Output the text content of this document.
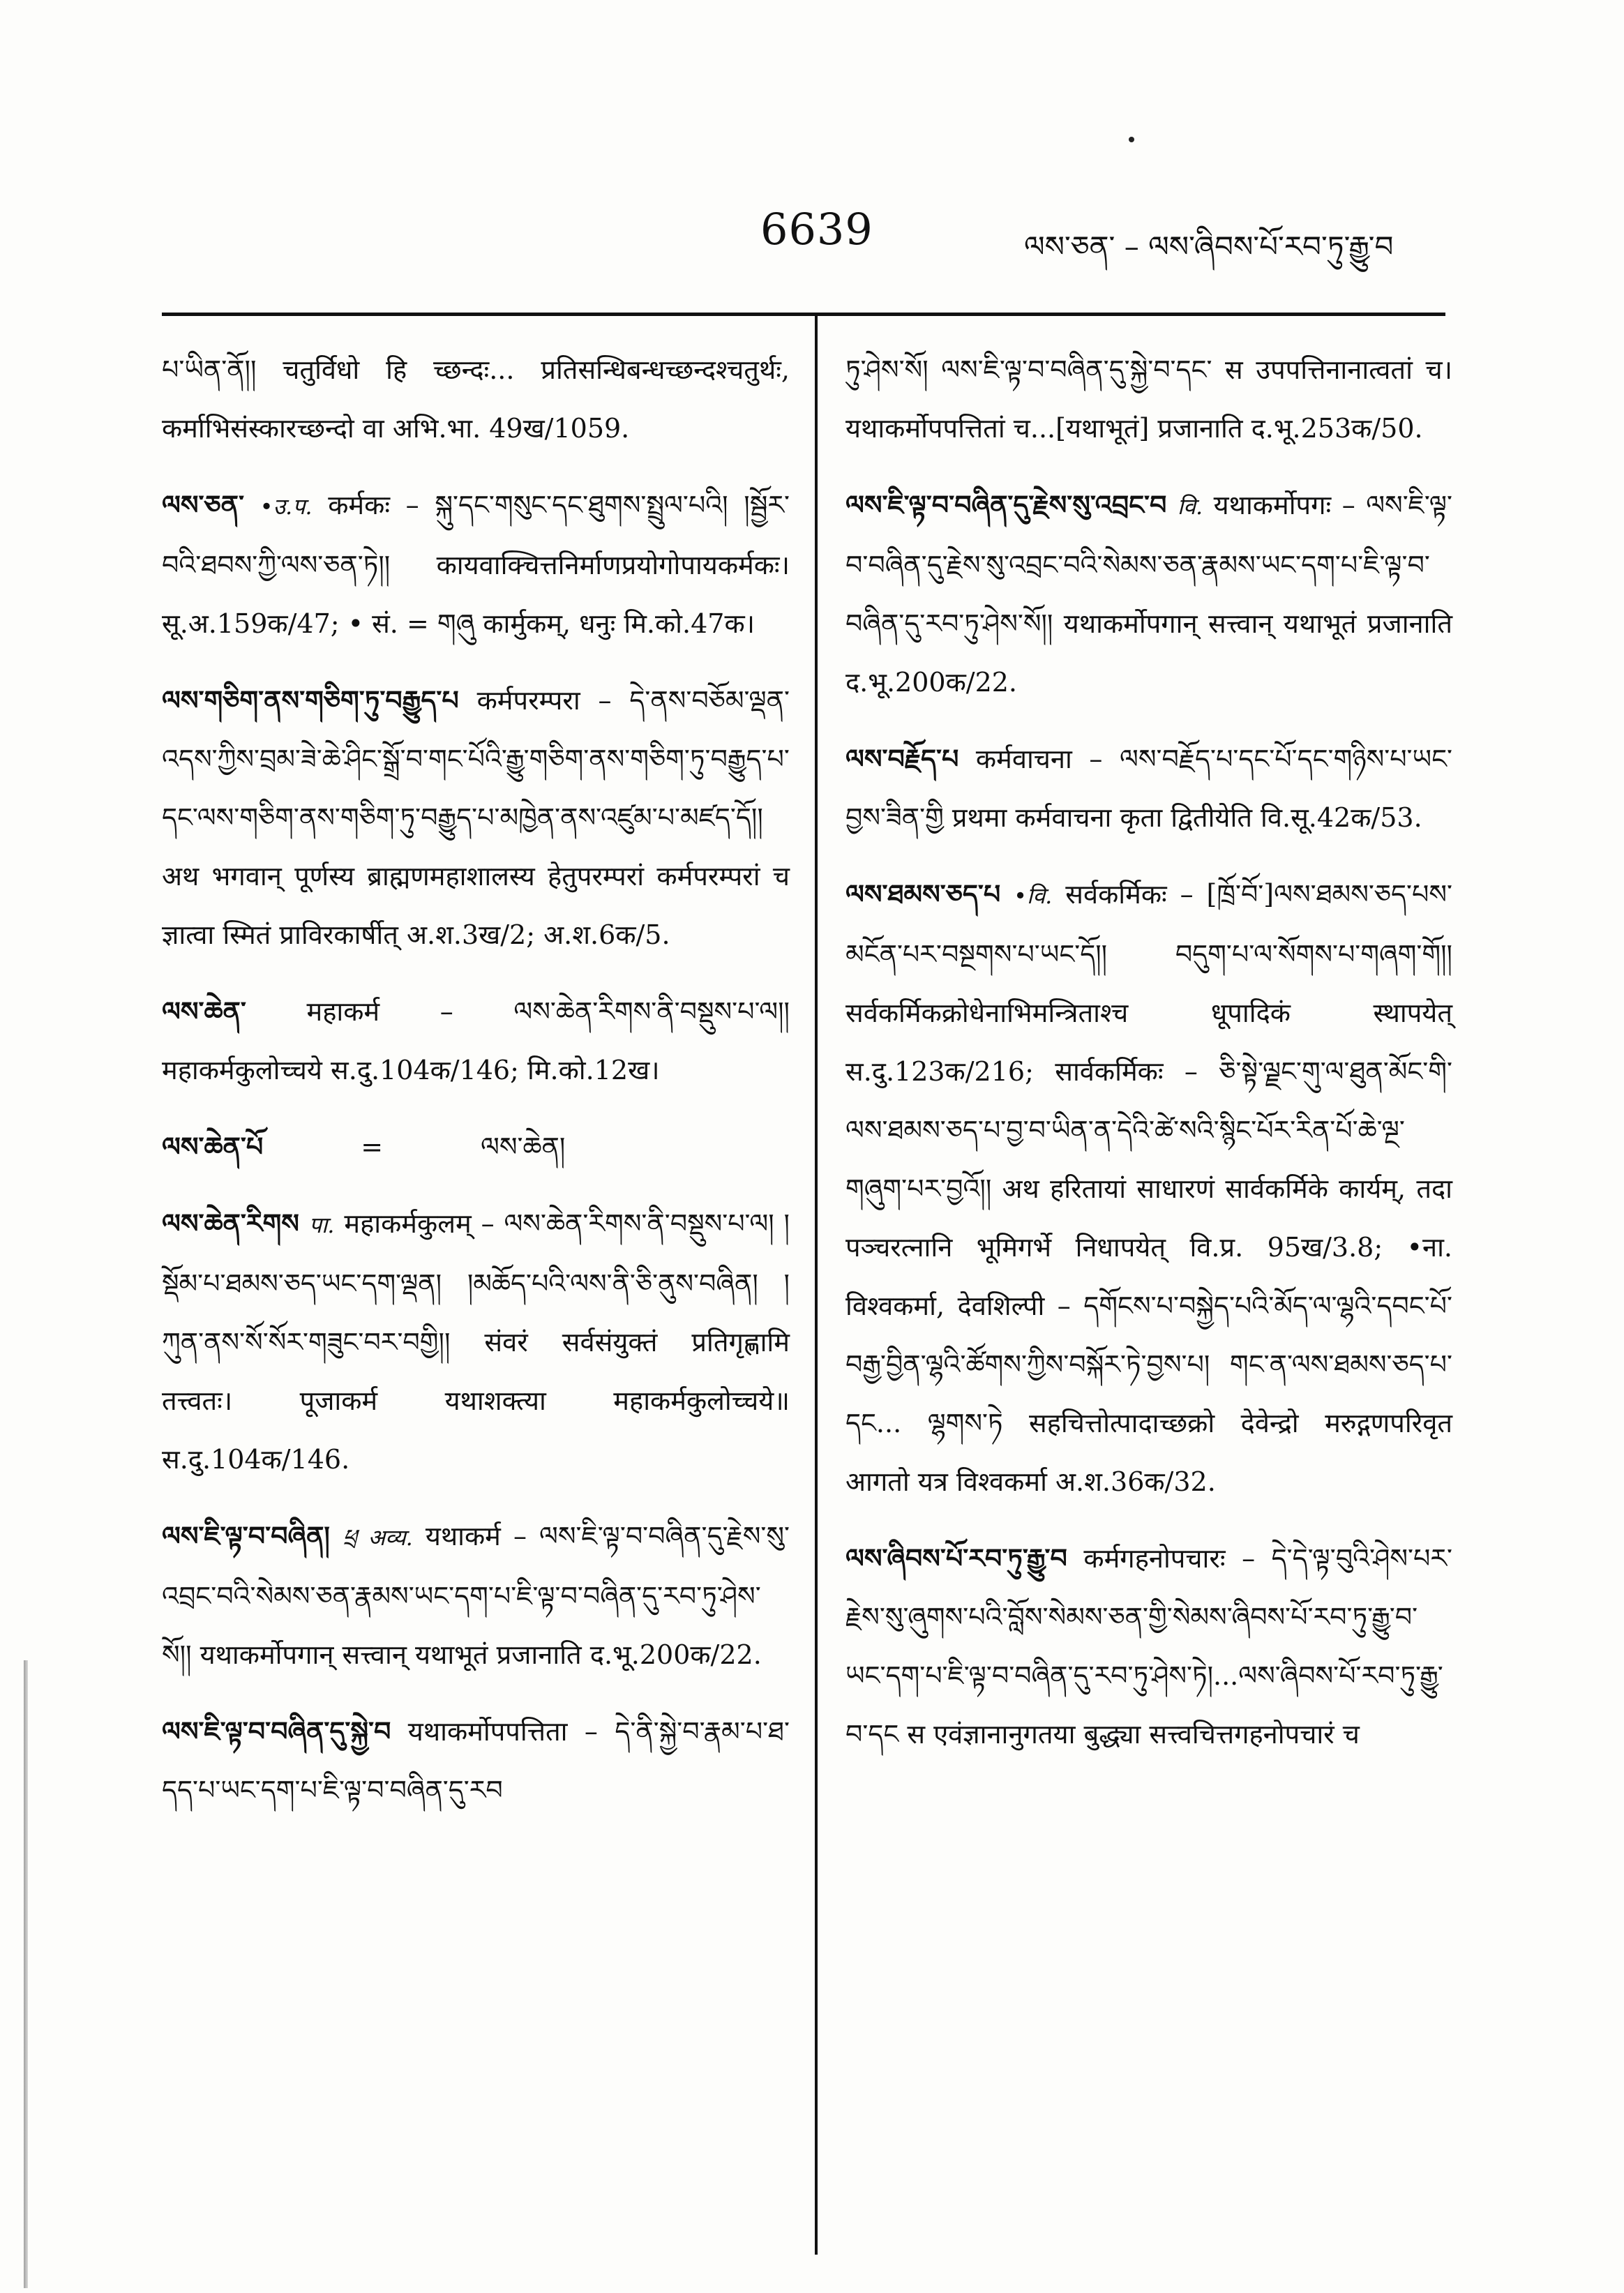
6639	ལས་ཅན་ – ལས་ཞིབས་པོ་རབ་ཏུ་རྒྱུ་བ

པ་ཡིན་ནོ།། चतुर्विधो हि च्छन्दः... प्रतिसन्धिबन्धच्छन्दश्चतुर्थः, कर्माभिसंस्कारच्छन्दो वा अभि.भा. 49ख/1059.

ལས་ཅན་ •उ.प. कर्मकः – སྐུ་དང་གསུང་དང་ཐུགས་སྤྲུལ་པའི། །སྦྱོར་བའི་ཐབས་ཀྱི་ལས་ཅན་ཏེ།། कायवाक्चित्तनिर्माणप्रयोगोपायकर्मकः। सू.अ.159क/47; • सं. = གཞུ कार्मुकम्, धनुः मि.को.47क।

ལས་གཅིག་ནས་གཅིག་ཏུ་བརྒྱུད་པ कर्मपरम्परा – དེ་ནས་བཅོམ་ལྡན་འདས་ཀྱིས་བྲམ་ཟེ་ཆེ་ཤིང་སྒྲོ་བ་གང་པོའི་རྒྱུ་གཅིག་ནས་གཅིག་ཏུ་བརྒྱུད་པ་དང་ལས་གཅིག་ནས་གཅིག་ཏུ་བརྒྱུད་པ་མཁྱེན་ནས་འཛུམ་པ་མཛད་དོ།། अथ भगवान् पूर्णस्य ब्राह्मणमहाशालस्य हेतुपरम्परां कर्मपरम्परां च ज्ञात्वा स्मितं प्राविरकार्षीत् अ.श.3ख/2; अ.श.6क/5.

ལས་ཆེན་ महाकर्म – ལས་ཆེན་རིགས་ནི་བསྡུས་པ་ལ།། महाकर्मकुलोच्चये स.दु.104क/146; मि.को.12ख।

ལས་ཆེན་པོ	=	ལས་ཆེན།

ལས་ཆེན་རིགས पा. महाकर्मकुलम् – ལས་ཆེན་རིགས་ནི་བསྡུས་པ་ལ། །སྡོམ་པ་ཐམས་ཅད་ཡང་དག་ལྡན། །མཆོད་པའི་ལས་ནི་ཅི་ནུས་བཞིན། །ཀུན་ནས་སོ་སོར་གཟུང་བར་བགྱི།། संवरं सर्वसंयुक्तं प्रतिगृह्णामि तत्त्वतः। पूजाकर्म यथाशक्त्या महाकर्मकुलोच्चये॥ स.दु.104क/146.

ལས་ཇི་ལྟ་བ་བཞིན། ཕྲ अव्य. यथाकर्म – ལས་ཇི་ལྟ་བ་བཞིན་དུ་རྗེས་སུ་འབྲང་བའི་སེམས་ཅན་རྣམས་ཡང་དག་པ་ཇི་ལྟ་བ་བཞིན་དུ་རབ་ཏུ་ཤེས་སོ།། यथाकर्मोपगान् सत्त्वान् यथाभूतं प्रजानाति द.भू.200क/22.

ལས་ཇི་ལྟ་བ་བཞིན་དུ་སྐྱེ་བ यथाकर्मोपपत्तिता – དེ་ནི་སྐྱེ་བ་རྣམ་པ་ཐ་དད་པ་ཡང་དག་པ་ཇི་ལྟ་བ་བཞིན་དུ་རབ

ཏུ་ཤེས་སོ། ལས་ཇི་ལྟ་བ་བཞིན་དུ་སྐྱེ་བ་དང་ स उपपत्तिनानात्वतां च। यथाकर्मोपपत्तितां च...[यथाभूतं] प्रजानाति द.भू.253क/50.

ལས་ཇི་ལྟ་བ་བཞིན་དུ་རྗེས་སུ་འབྲང་བ वि. यथाकर्मोपगः – ལས་ཇི་ལྟ་བ་བཞིན་དུ་རྗེས་སུ་འབྲང་བའི་སེམས་ཅན་རྣམས་ཡང་དག་པ་ཇི་ལྟ་བ་བཞིན་དུ་རབ་ཏུ་ཤེས་སོ།། यथाकर्मोपगान् सत्त्वान् यथाभूतं प्रजानाति द.भू.200क/22.

ལས་བརྗོད་པ कर्मवाचना – ལས་བརྗོད་པ་དང་པོ་དང་གཉིས་པ་ཡང་བྱས་ཟིན་གྱི प्रथमा कर्मवाचना कृता द्वितीयेति वि.सू.42क/53.

ལས་ཐམས་ཅད་པ •वि. सर्वकर्मिकः – [ཁྲོ་བོ་]ལས་ཐམས་ཅད་པས་མངོན་པར་བསྔགས་པ་ཡང་དོ།། བདུག་པ་ལ་སོགས་པ་གཞག་གོ།། सर्वकर्मिकक्रोधेनाभिमन्त्रिताश्च धूपादिकं स्थापयेत् स.दु.123क/216; सार्वकर्मिकः – ཅི་སྟེ་ལྗང་གུ་ལ་ཐུན་མོང་གི་ལས་ཐམས་ཅད་པ་བྱ་བ་ཡིན་ན་དེའི་ཚེ་སའི་སྙིང་པོར་རིན་པོ་ཆེ་ལྔ་གཞུག་པར་བྱའོ།། अथ हरितायां साधारणं सार्वकर्मिके कार्यम्, तदा पञ्चरत्नानि भूमिगर्भे निधापयेत् वि.प्र. 95ख/3.8; •ना. विश्वकर्मा, देवशिल्पी – དགོངས་པ་བསྐྱེད་པའི་མོད་ལ་ལྷའི་དབང་པོ་བརྒྱ་བྱིན་ལྷའི་ཚོགས་ཀྱིས་བསྐོར་ཏེ་བྱས་པ། གང་ན་ལས་ཐམས་ཅད་པ་དང... ལྷགས་ཏེ सहचित्तोत्पादाच्छक्रो देवेन्द्रो मरुद्गणपरिवृत आगतो यत्र विश्वकर्मा अ.श.36क/32.

ལས་ཞིབས་པོ་རབ་ཏུ་རྒྱུ་བ कर्मगहनोपचारः – དེ་དེ་ལྟ་བུའི་ཤེས་པར་རྗེས་སུ་ཞུགས་པའི་བློས་སེམས་ཅན་གྱི་སེམས་ཞིབས་པོ་རབ་ཏུ་རྒྱུ་བ་ཡང་དག་པ་ཇི་ལྟ་བ་བཞིན་དུ་རབ་ཏུ་ཤེས་ཏེ།...ལས་ཞིབས་པོ་རབ་ཏུ་རྒྱུ་བ་དང स एवंज्ञानानुगतया बुद्ध्या सत्त्वचित्तगहनोपचारं च
